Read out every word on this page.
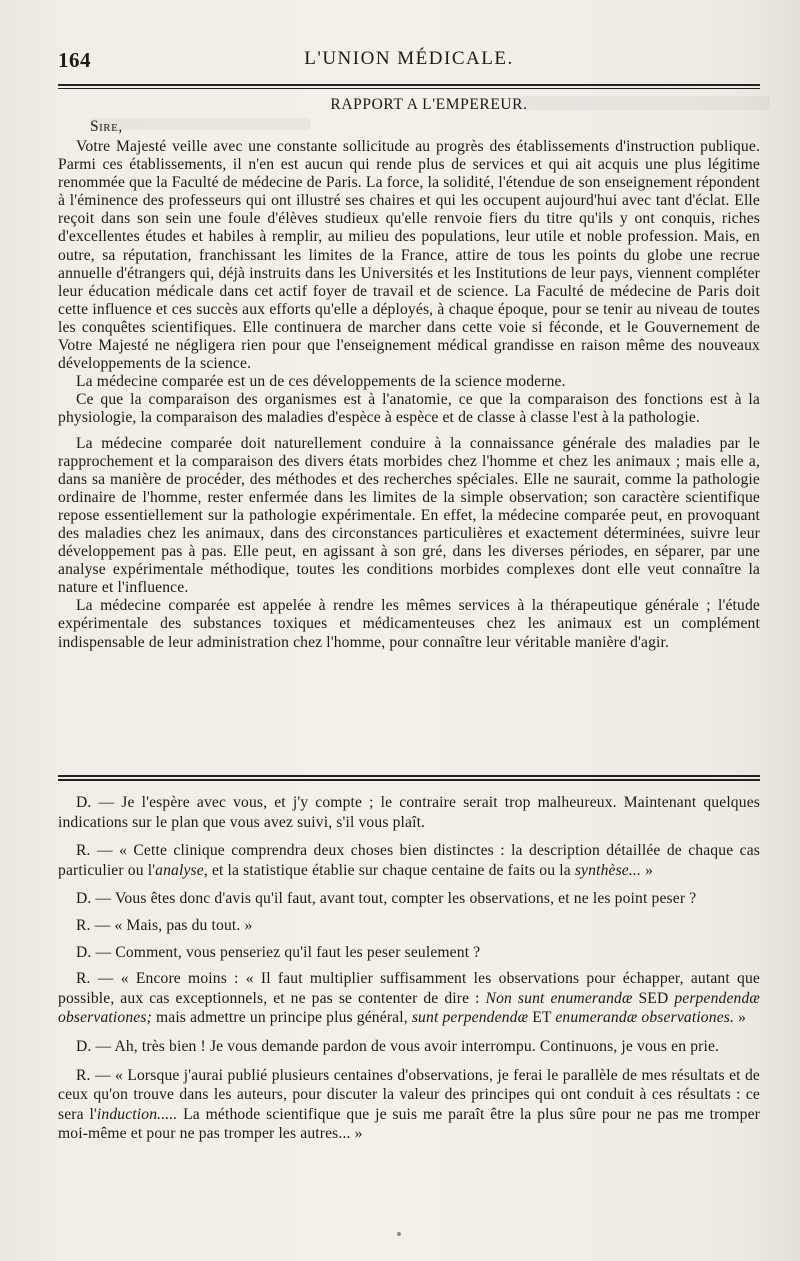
164	L'UNION MÉDICALE.
RAPPORT A L'EMPEREUR.
Sire,

Votre Majesté veille avec une constante sollicitude au progrès des établissements d'instruction publique. Parmi ces établissements, il n'en est aucun qui rende plus de services et qui ait acquis une plus légitime renommée que la Faculté de médecine de Paris. La force, la solidité, l'étendue de son enseignement répondent à l'éminence des professeurs qui ont illustré ses chaires et qui les occupent aujourd'hui avec tant d'éclat. Elle reçoit dans son sein une foule d'élèves studieux qu'elle renvoie fiers du titre qu'ils y ont conquis, riches d'excellentes études et habiles à remplir, au milieu des populations, leur utile et noble profession. Mais, en outre, sa réputation, franchissant les limites de la France, attire de tous les points du globe une recrue annuelle d'étrangers qui, déjà instruits dans les Universités et les Institutions de leur pays, viennent compléter leur éducation médicale dans cet actif foyer de travail et de science. La Faculté de médecine de Paris doit cette influence et ces succès aux efforts qu'elle a déployés, à chaque époque, pour se tenir au niveau de toutes les conquêtes scientifiques. Elle continuera de marcher dans cette voie si féconde, et le Gouvernement de Votre Majesté ne négligera rien pour que l'enseignement médical grandisse en raison même des nouveaux développements de la science.

La médecine comparée est un de ces développements de la science moderne.

Ce que la comparaison des organismes est à l'anatomie, ce que la comparaison des fonctions est à la physiologie, la comparaison des maladies d'espèce à espèce et de classe à classe l'est à la pathologie.

La médecine comparée doit naturellement conduire à la connaissance générale des maladies par le rapprochement et la comparaison des divers états morbides chez l'homme et chez les animaux ; mais elle a, dans sa manière de procéder, des méthodes et des recherches spéciales. Elle ne saurait, comme la pathologie ordinaire de l'homme, rester enfermée dans les limites de la simple observation; son caractère scientifique repose essentiellement sur la pathologie expérimentale. En effet, la médecine comparée peut, en provoquant des maladies chez les animaux, dans des circonstances particulières et exactement déterminées, suivre leur développement pas à pas. Elle peut, en agissant à son gré, dans les diverses périodes, en séparer, par une analyse expérimentale méthodique, toutes les conditions morbides complexes dont elle veut connaître la nature et l'influence.

La médecine comparée est appelée à rendre les mêmes services à la thérapeutique générale ; l'étude expérimentale des substances toxiques et médicamenteuses chez les animaux est un complément indispensable de leur administration chez l'homme, pour connaître leur véritable manière d'agir.

D. — Je l'espère avec vous, et j'y compte ; le contraire serait trop malheureux. Maintenant quelques indications sur le plan que vous avez suivi, s'il vous plaît.

R. — « Cette clinique comprendra deux choses bien distinctes : la description détaillée de chaque cas particulier ou l'analyse, et la statistique établie sur chaque centaine de faits ou la synthèse... »

D. — Vous êtes donc d'avis qu'il faut, avant tout, compter les observations, et ne les point peser ?

R. — « Mais, pas du tout. »

D. — Comment, vous penseriez qu'il faut les peser seulement ?

R. — « Encore moins : « Il faut multiplier suffisamment les observations pour échapper, autant que possible, aux cas exceptionnels, et ne pas se contenter de dire : Non sunt enumerandæ SED perpendendæ observationes; mais admettre un principe plus général, sunt perpendendæ ET enumerandæ observationes. »

D. — Ah, très bien ! Je vous demande pardon de vous avoir interrompu. Continuons, je vous en prie.

R. — « Lorsque j'aurai publié plusieurs centaines d'observations, je ferai le parallèle de mes résultats et de ceux qu'on trouve dans les auteurs, pour discuter la valeur des principes qui ont conduit à ces résultats : ce sera l'induction..... La méthode scientifique que je suis me paraît être la plus sûre pour ne pas me tromper moi-même et pour ne pas tromper les autres... »
